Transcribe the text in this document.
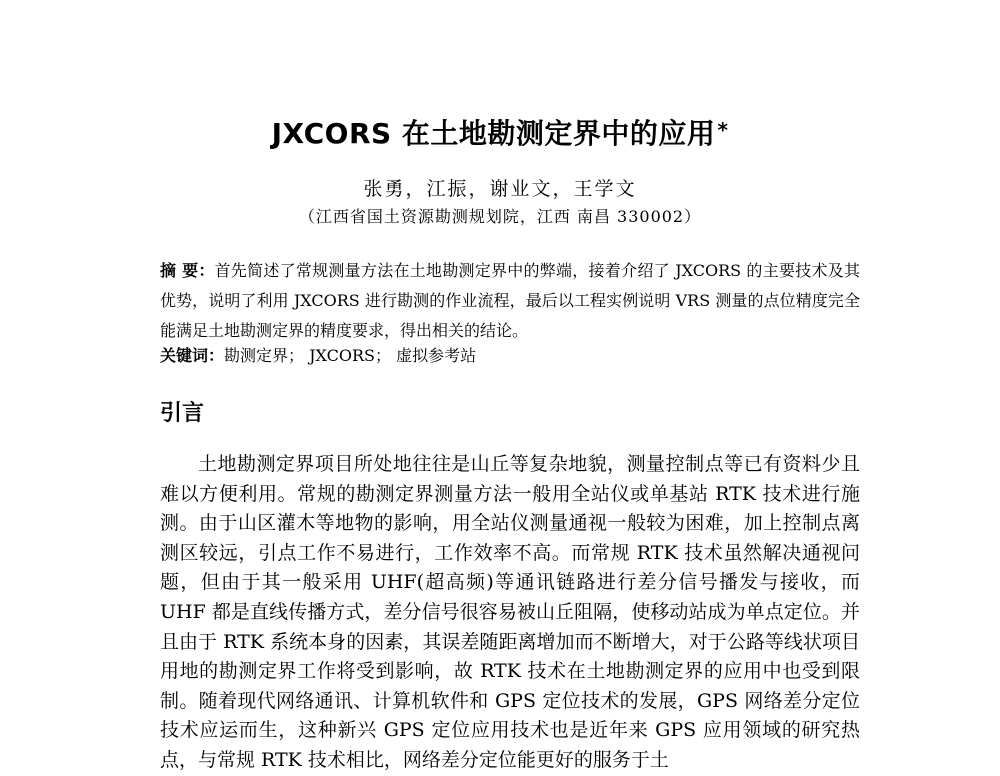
JXCORS 在土地勘测定界中的应用 *
张勇，江振，谢业文，王学文
（江西省国土资源勘测规划院，江西 南昌 330002）
摘 要：首先简述了常规测量方法在土地勘测定界中的弊端，接着介绍了 JXCORS 的主要技术及其优势，说明了利用 JXCORS 进行勘测的作业流程，最后以工程实例说明 VRS 测量的点位精度完全能满足土地勘测定界的精度要求，得出相关的结论。
关键词：勘测定界； JXCORS； 虚拟参考站
引言

土地勘测定界项目所处地往往是山丘等复杂地貌，测量控制点等已有资料少且难以方便利用。常规的勘测定界测量方法一般用全站仪或单基站 RTK 技术进行施测。由于山区灌木等地物的影响，用全站仪测量通视一般较为困难，加上控制点离测区较远，引点工作不易进行，工作效率不高。而常规 RTK 技术虽然解决通视问题，但由于其一般采用 UHF(超高频)等通讯链路进行差分信号播发与接收，而 UHF 都是直线传播方式，差分信号很容易被山丘阻隔，使移动站成为单点定位。并且由于 RTK 系统本身的因素，其误差随距离增加而不断增大，对于公路等线状项目用地的勘测定界工作将受到影响，故 RTK 技术在土地勘测定界的应用中也受到限制。随着现代网络通讯、计算机软件和 GPS 定位技术的发展，GPS 网络差分定位技术应运而生，这种新兴 GPS 定位应用技术也是近年来 GPS 应用领域的研究热点，与常规 RTK 技术相比，网络差分定位能更好的服务于土
